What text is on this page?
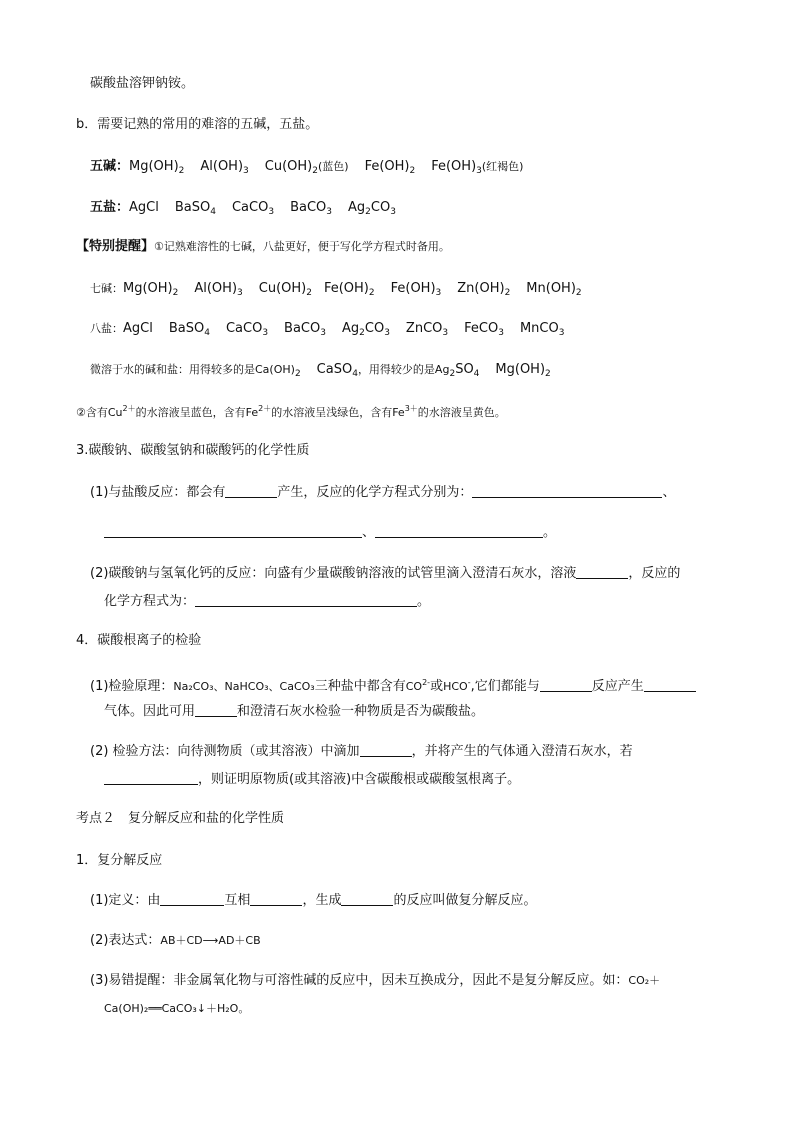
碳酸盐溶钾钠铵。
b．需要记熟的常用的难溶的五碱，五盐。
五碱：$Mg(OH)_2$ $Al(OH)_3$ $Cu(OH)_2$(蓝色) $Fe(OH)_2$ $Fe(OH)_3$(红褐色)
五盐：AgCl BaSO$_4$ CaCO$_3$ BaCO$_3$ $Ag_2CO_3$
【特别提醒】①记熟难溶性的七碱，八盐更好，便于写化学方程式时备用。
七碱：$Mg(OH)_2$ $Al(OH)_3$ $Cu(OH)_2$ $Fe(OH)_2$ $Fe(OH)_3$ $Zn(OH)_2$ $Mn(OH)_2$
八盐：AgCl BaSO$_4$ CaCO$_3$ BaCO$_3$ $Ag_2CO_3$ ZnCO$_3$ FeCO$_3$ MnCO$_3$
微溶于水的碱和盐：用得较多的是$Ca(OH)_2$ CaSO$_4$，用得较少的是$Ag_2SO_4$ $Mg(OH)_2$
②含有$Cu^{2+}$的水溶液呈蓝色，含有$Fe^{2+}$的水溶液呈浅绿色，含有$Fe^{3+}$的水溶液呈黄色。
3.碳酸钠、碳酸氢钠和碳酸钙的化学性质
(1)与盐酸反应：都会有	产生，反应的化学方程式分别为：	、
、	。
(2)碳酸钠与氢氧化钙的反应：向盛有少量碳酸钠溶液的试管里滴入澄清石灰水，溶液	，反应的
化学方程式为：	。
4．碳酸根离子的检验
(1)检验原理：Na₂CO₃、NaHCO₃、CaCO₃三种盐中都含有$CO^{2-}$或HCO-,它们都能与	反应产生
气体。因此可用	和澄清石灰水检验一种物质是否为碳酸盐。
(2) 检验方法：向待测物质（或其溶液）中滴加	，并将产生的气体通入澄清石灰水，若
，则证明原物质(或其溶液)中含碳酸根或碳酸氢根离子。
考点２　复分解反应和盐的化学性质
1．复分解反应
(1)定义：由	互相	，生成	的反应叫做复分解反应。
(2)表达式：AB＋CD⟶AD＋CB
(3)易错提醒：非金属氧化物与可溶性碱的反应中，因未互换成分，因此不是复分解反应。如：CO₂＋
Ca(OH)₂══CaCO₃↓＋H₂O。
